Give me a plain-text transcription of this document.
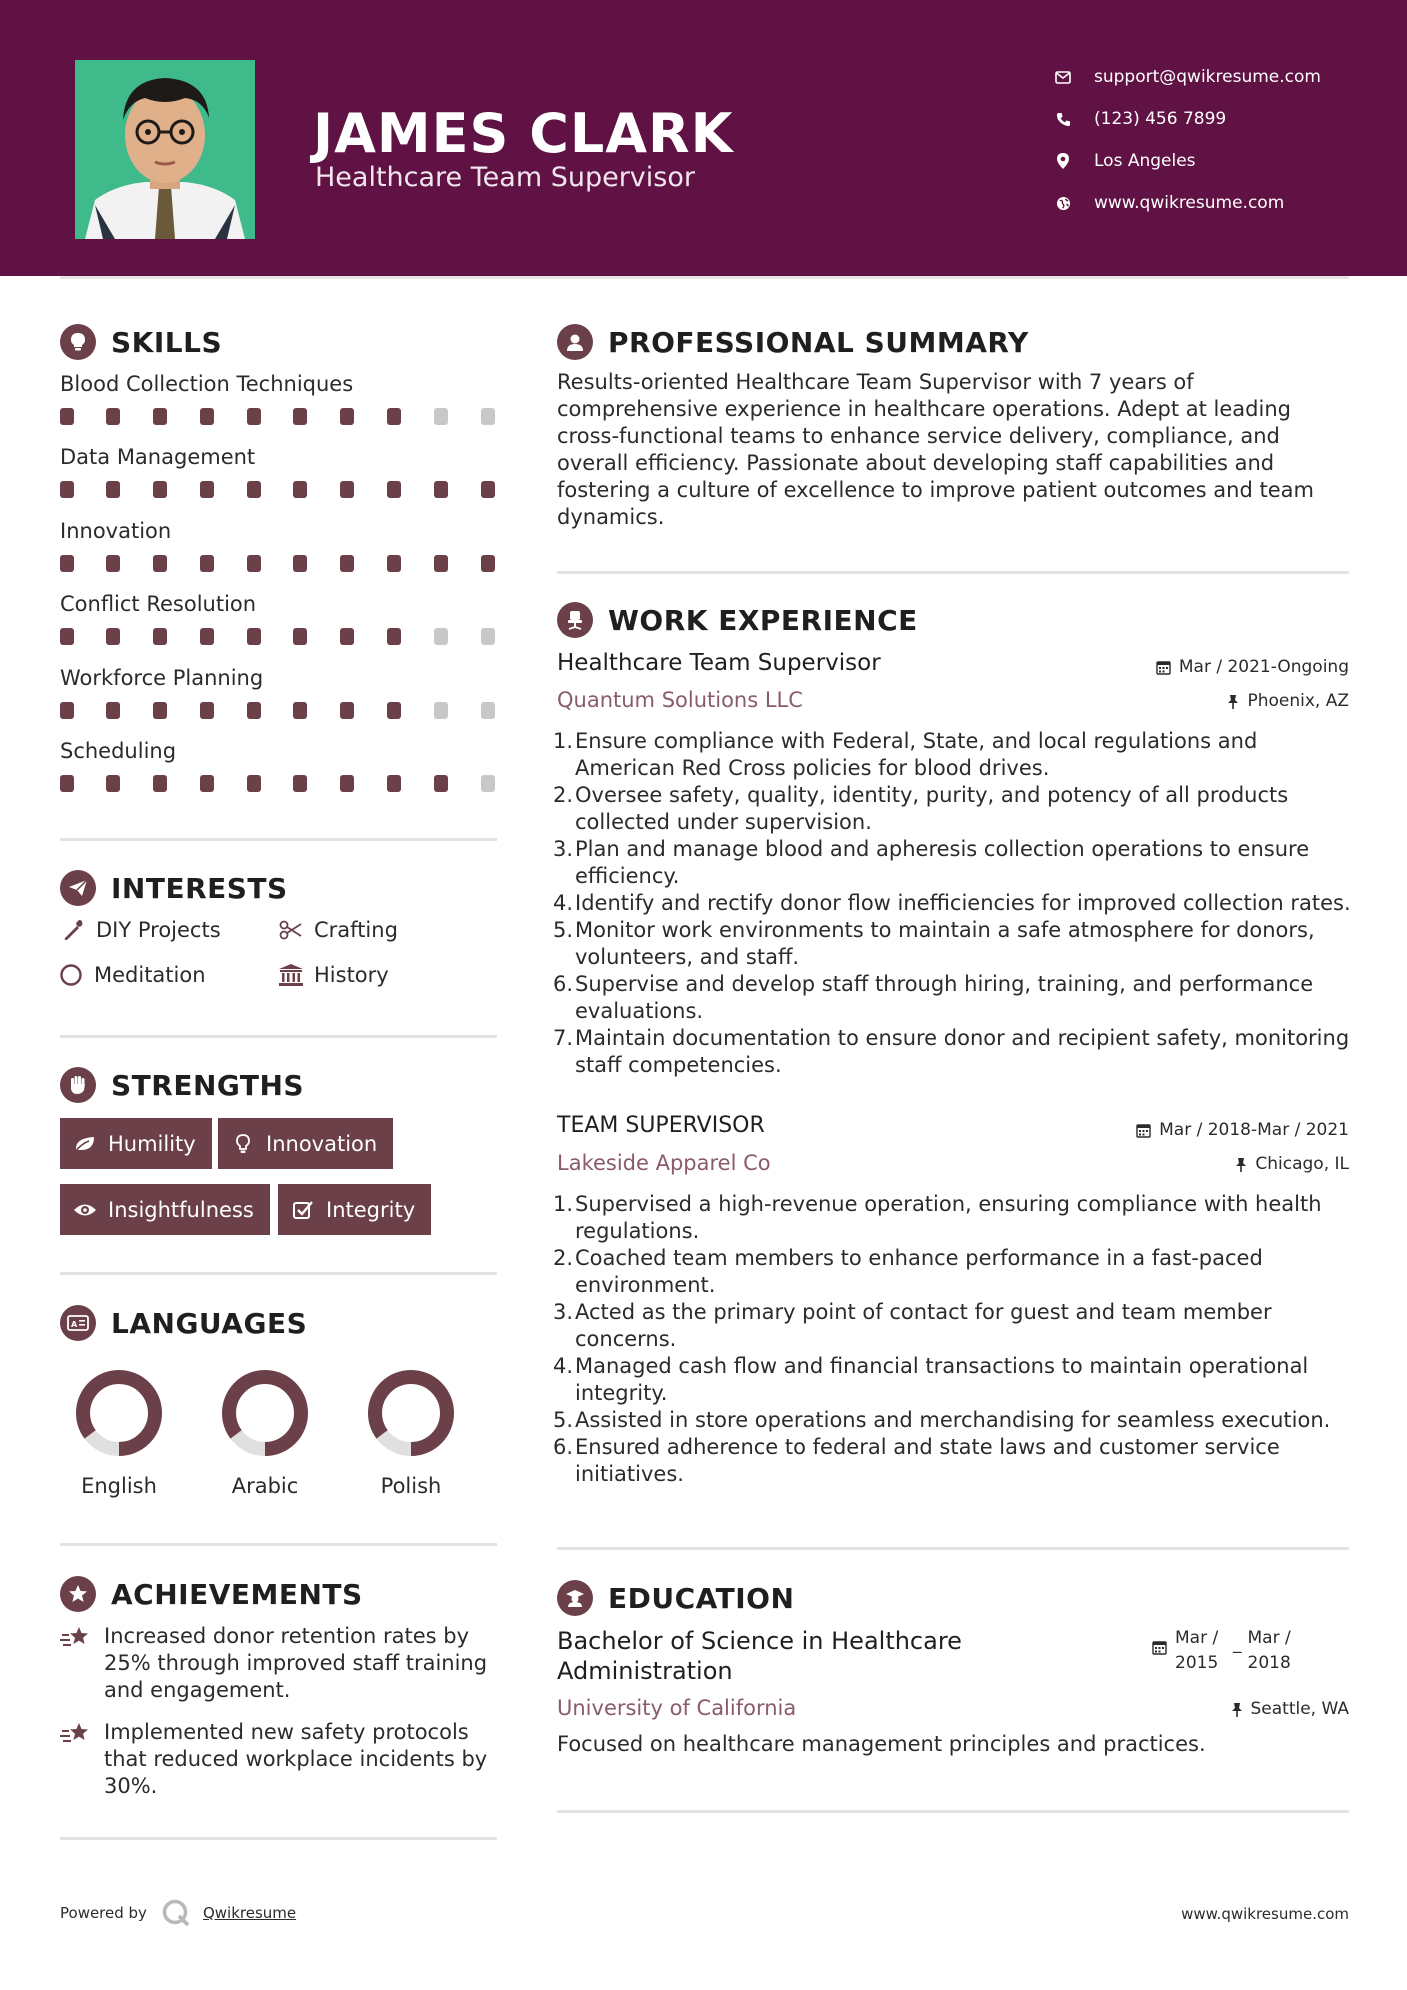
JAMES CLARK
Healthcare Team Supervisor
support@qwikresume.com
(123) 456 7899
Los Angeles
www.qwikresume.com
SKILLS
Blood Collection Techniques
Data Management
Innovation
Conflict Resolution
Workforce Planning
Scheduling
INTERESTS
DIY Projects	Crafting
Meditation	History
STRENGTHS
Humility	Innovation
Insightfulness	Integrity
A LANGUAGES
English	Arabic	Polish
ACHIEVEMENTS
Increased donor retention rates by 25% through improved staff training and engagement.
Implemented new safety protocols that reduced workplace incidents by 30%.
PROFESSIONAL SUMMARY
Results-oriented Healthcare Team Supervisor with 7 years of comprehensive experience in healthcare operations. Adept at leading cross-functional teams to enhance service delivery, compliance, and overall efficiency. Passionate about developing staff capabilities and fostering a culture of excellence to improve patient outcomes and team dynamics.
WORK EXPERIENCE
Healthcare Team Supervisor	Mar / 2021-Ongoing
Quantum Solutions LLC	Phoenix, AZ
1. Ensure compliance with Federal, State, and local regulations and American Red Cross policies for blood drives.
2. Oversee safety, quality, identity, purity, and potency of all products collected under supervision.
3. Plan and manage blood and apheresis collection operations to ensure efficiency.
4. Identify and rectify donor flow inefficiencies for improved collection rates.
5. Monitor work environments to maintain a safe atmosphere for donors, volunteers, and staff.
6. Supervise and develop staff through hiring, training, and performance evaluations.
7. Maintain documentation to ensure donor and recipient safety, monitoring staff competencies.
TEAM SUPERVISOR	Mar / 2018-Mar / 2021
Lakeside Apparel Co	Chicago, IL
1. Supervised a high-revenue operation, ensuring compliance with health regulations.
2. Coached team members to enhance performance in a fast-paced environment.
3. Acted as the primary point of contact for guest and team member concerns.
4. Managed cash flow and financial transactions to maintain operational integrity.
5. Assisted in store operations and merchandising for seamless execution.
6. Ensured adherence to federal and state laws and customer service initiatives.
EDUCATION
Bachelor of Science in Healthcare Administration
Mar /
2015
_ Mar /
2018
University of California	Seattle, WA
Focused on healthcare management principles and practices.
Powered by	Qwikresume	www.qwikresume.com
